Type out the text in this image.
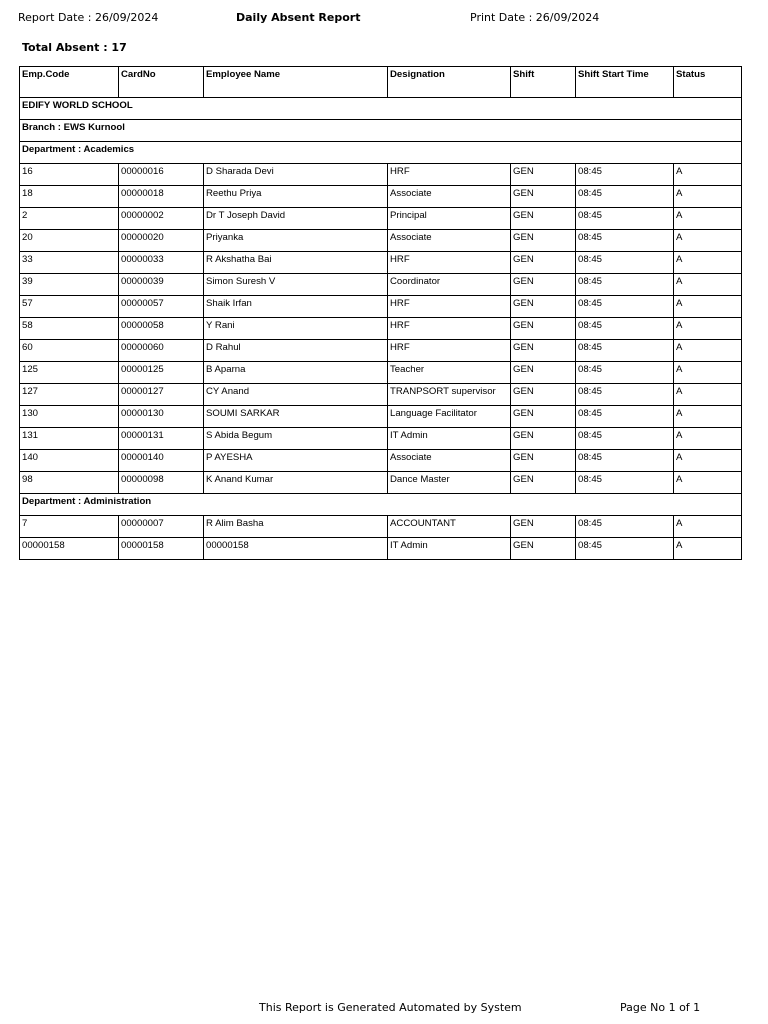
Report Date : 26/09/2024	Daily Absent Report	Print Date : 26/09/2024
Total Absent : 17
Emp.Code	CardNo	Employee Name	Designation	Shift	Shift Start Time	Status
EDIFY WORLD SCHOOL						
Branch : EWS Kurnool						
Department : Academics						
16	00000016	D Sharada Devi	HRF	GEN	08:45	A
18	00000018	Reethu Priya	Associate	GEN	08:45	A
2	00000002	Dr T Joseph David	Principal	GEN	08:45	A
20	00000020	Priyanka	Associate	GEN	08:45	A
33	00000033	R Akshatha Bai	HRF	GEN	08:45	A
39	00000039	Simon Suresh V	Coordinator	GEN	08:45	A
57	00000057	Shaik Irfan	HRF	GEN	08:45	A
58	00000058	Y Rani	HRF	GEN	08:45	A
60	00000060	D Rahul	HRF	GEN	08:45	A
125	00000125	B Aparna	Teacher	GEN	08:45	A
127	00000127	CY Anand	TRANPSORT supervisor	GEN	08:45	A
130	00000130	SOUMI SARKAR	Language Facilitator	GEN	08:45	A
131	00000131	S Abida Begum	IT Admin	GEN	08:45	A
140	00000140	P AYESHA	Associate	GEN	08:45	A
98	00000098	K Anand Kumar	Dance Master	GEN	08:45	A
Department : Administration						
7	00000007	R Alim Basha	ACCOUNTANT	GEN	08:45	A
00000158	00000158	00000158	IT Admin	GEN	08:45	A
This Report is Generated Automated by System	Page No 1 of 1
